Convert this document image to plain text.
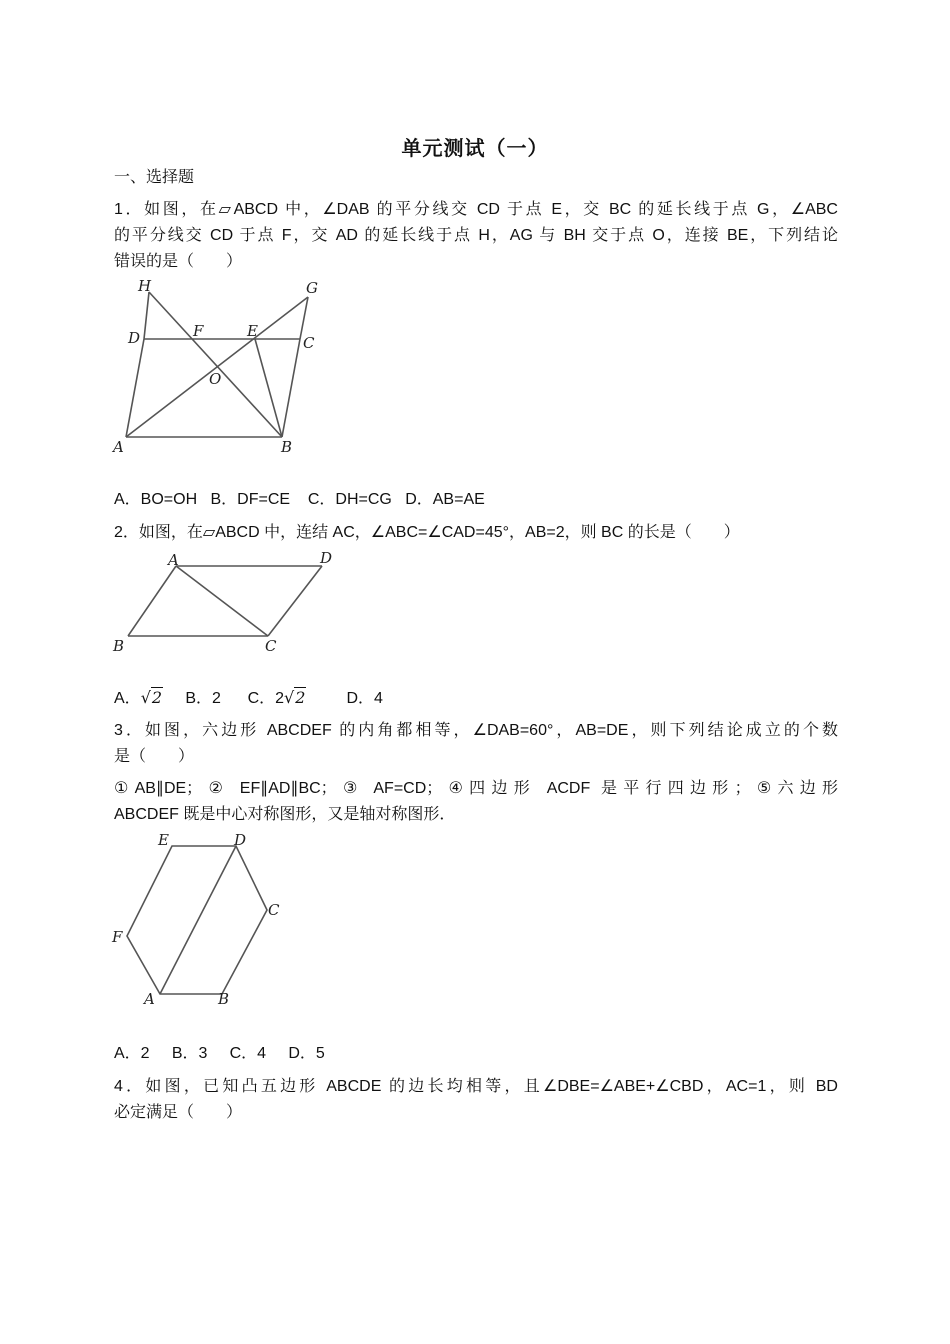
单元测试（一）
一、选择题
1．如图，在▱ABCD 中，∠DAB 的平分线交 CD 于点 E，交 BC 的延长线于点 G，∠ABC
的平分线交 CD 于点 F，交 AD 的延长线于点 H，AG 与 BH 交于点 O，连接 BE，下列结论
错误的是（　　）
H	G
D	F	E
C
O
A	B
A．BO=OH B．DF=CE C．DH=CG D．AB=AE
2．如图，在▱ABCD 中，连结 AC，∠ABC=∠CAD=45°，AB=2，则 BC 的长是（　　）
A	D
B	C
A．√2 B．2 C．2√2	D．4
3．如图，六边形 ABCDEF 的内角都相等，∠DAB=60°，AB=DE，则下列结论成立的个数
是（　　）
①AB∥DE；② EF∥AD∥BC；③ AF=CD；④四边形 ACDF 是平行四边形；⑤六边形
ABCDEF 既是中心对称图形，又是轴对称图形．
E	D
C
F
A	B
A．2 B．3 C．4 D．5
4．如图，已知凸五边形 ABCDE 的边长均相等，且∠DBE=∠ABE+∠CBD，AC=1，则 BD
必定满足（　　）
